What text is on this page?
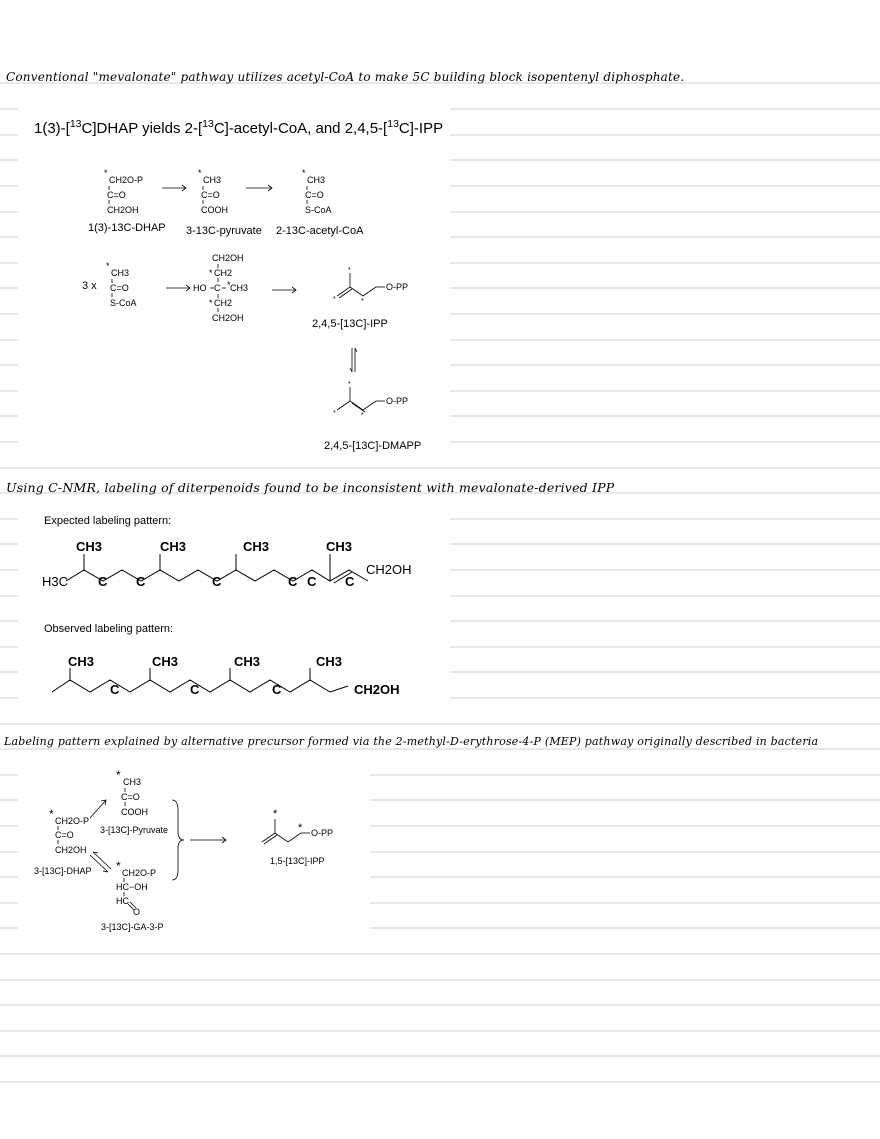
Conventional "mevalonate" pathway utilizes acetyl-CoA to make 5C building block isopentenyl diphosphate.
Using C-NMR, labeling of diterpenoids found to be inconsistent with mevalonate-derived IPP
Labeling pattern explained by alternative precursor formed via the 2-methyl-D-erythrose-4-P (MEP) pathway originally described in bacteria
1(3)-[$^{13}$C]DHAP yields 2-[$^{13}$C]-acetyl-CoA, and 2,4,5-[$^{13}$C]-IPP
*
CH2O-P
C=O
CH2OH
*
CH3
C=O
COOH
*
CH3
C=O
S-CoA
*
CH3
C=O
S-CoA
CH2OH
* CH2
HO C * CH3
* CH2
CH2OH
O-PP
*
*	*
O-PP
*
*	*
1(3)-13C-DHAP 3-13C-pyruvate 2-13C-acetyl-CoA
3 x
2,4,5-[13C]-IPP
2,4,5-[13C]-DMAPP
Expected labeling pattern:
Observed labeling pattern:
CH3	CH3	CH3	CH3
H3C C C	C	C C C
CH2OH
CH3	CH3	CH3	CH3
C	C	C	CH2OH
* CH3
C=O
COOH
* CH2O-P
C=O
CH2OH
* CH2O-P
HC−OH
HC
O
*
* O-PP
3-[13C]-Pyruvate
3-[13C]-DHAP
3-[13C]-GA-3-P
1,5-[13C]-IPP
